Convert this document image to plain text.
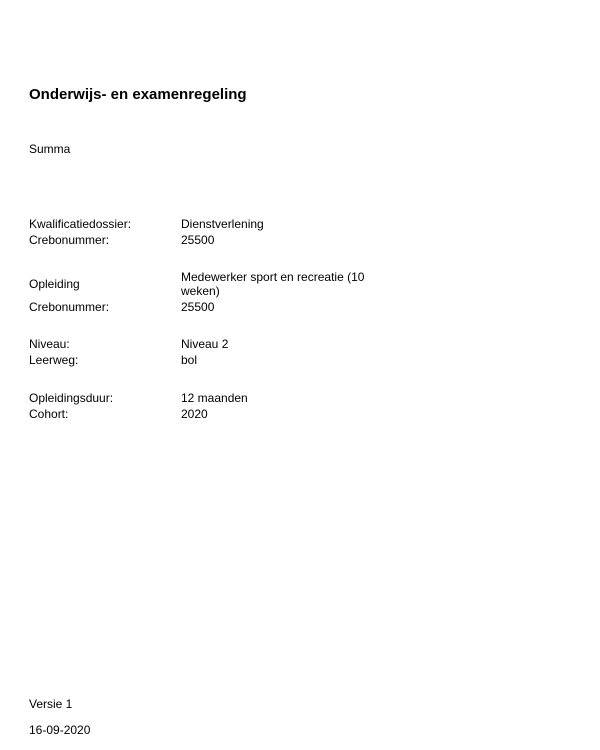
Onderwijs- en examenregeling
Summa
Kwalificatiedossier:	Dienstverlening
Crebonummer:	25500
Opleiding	Medewerker sport en recreatie (10 weken)
Crebonummer:	25500
Niveau:	Niveau 2
Leerweg:	bol
Opleidingsduur:	12 maanden
Cohort:	2020
Versie 1
16-09-2020
